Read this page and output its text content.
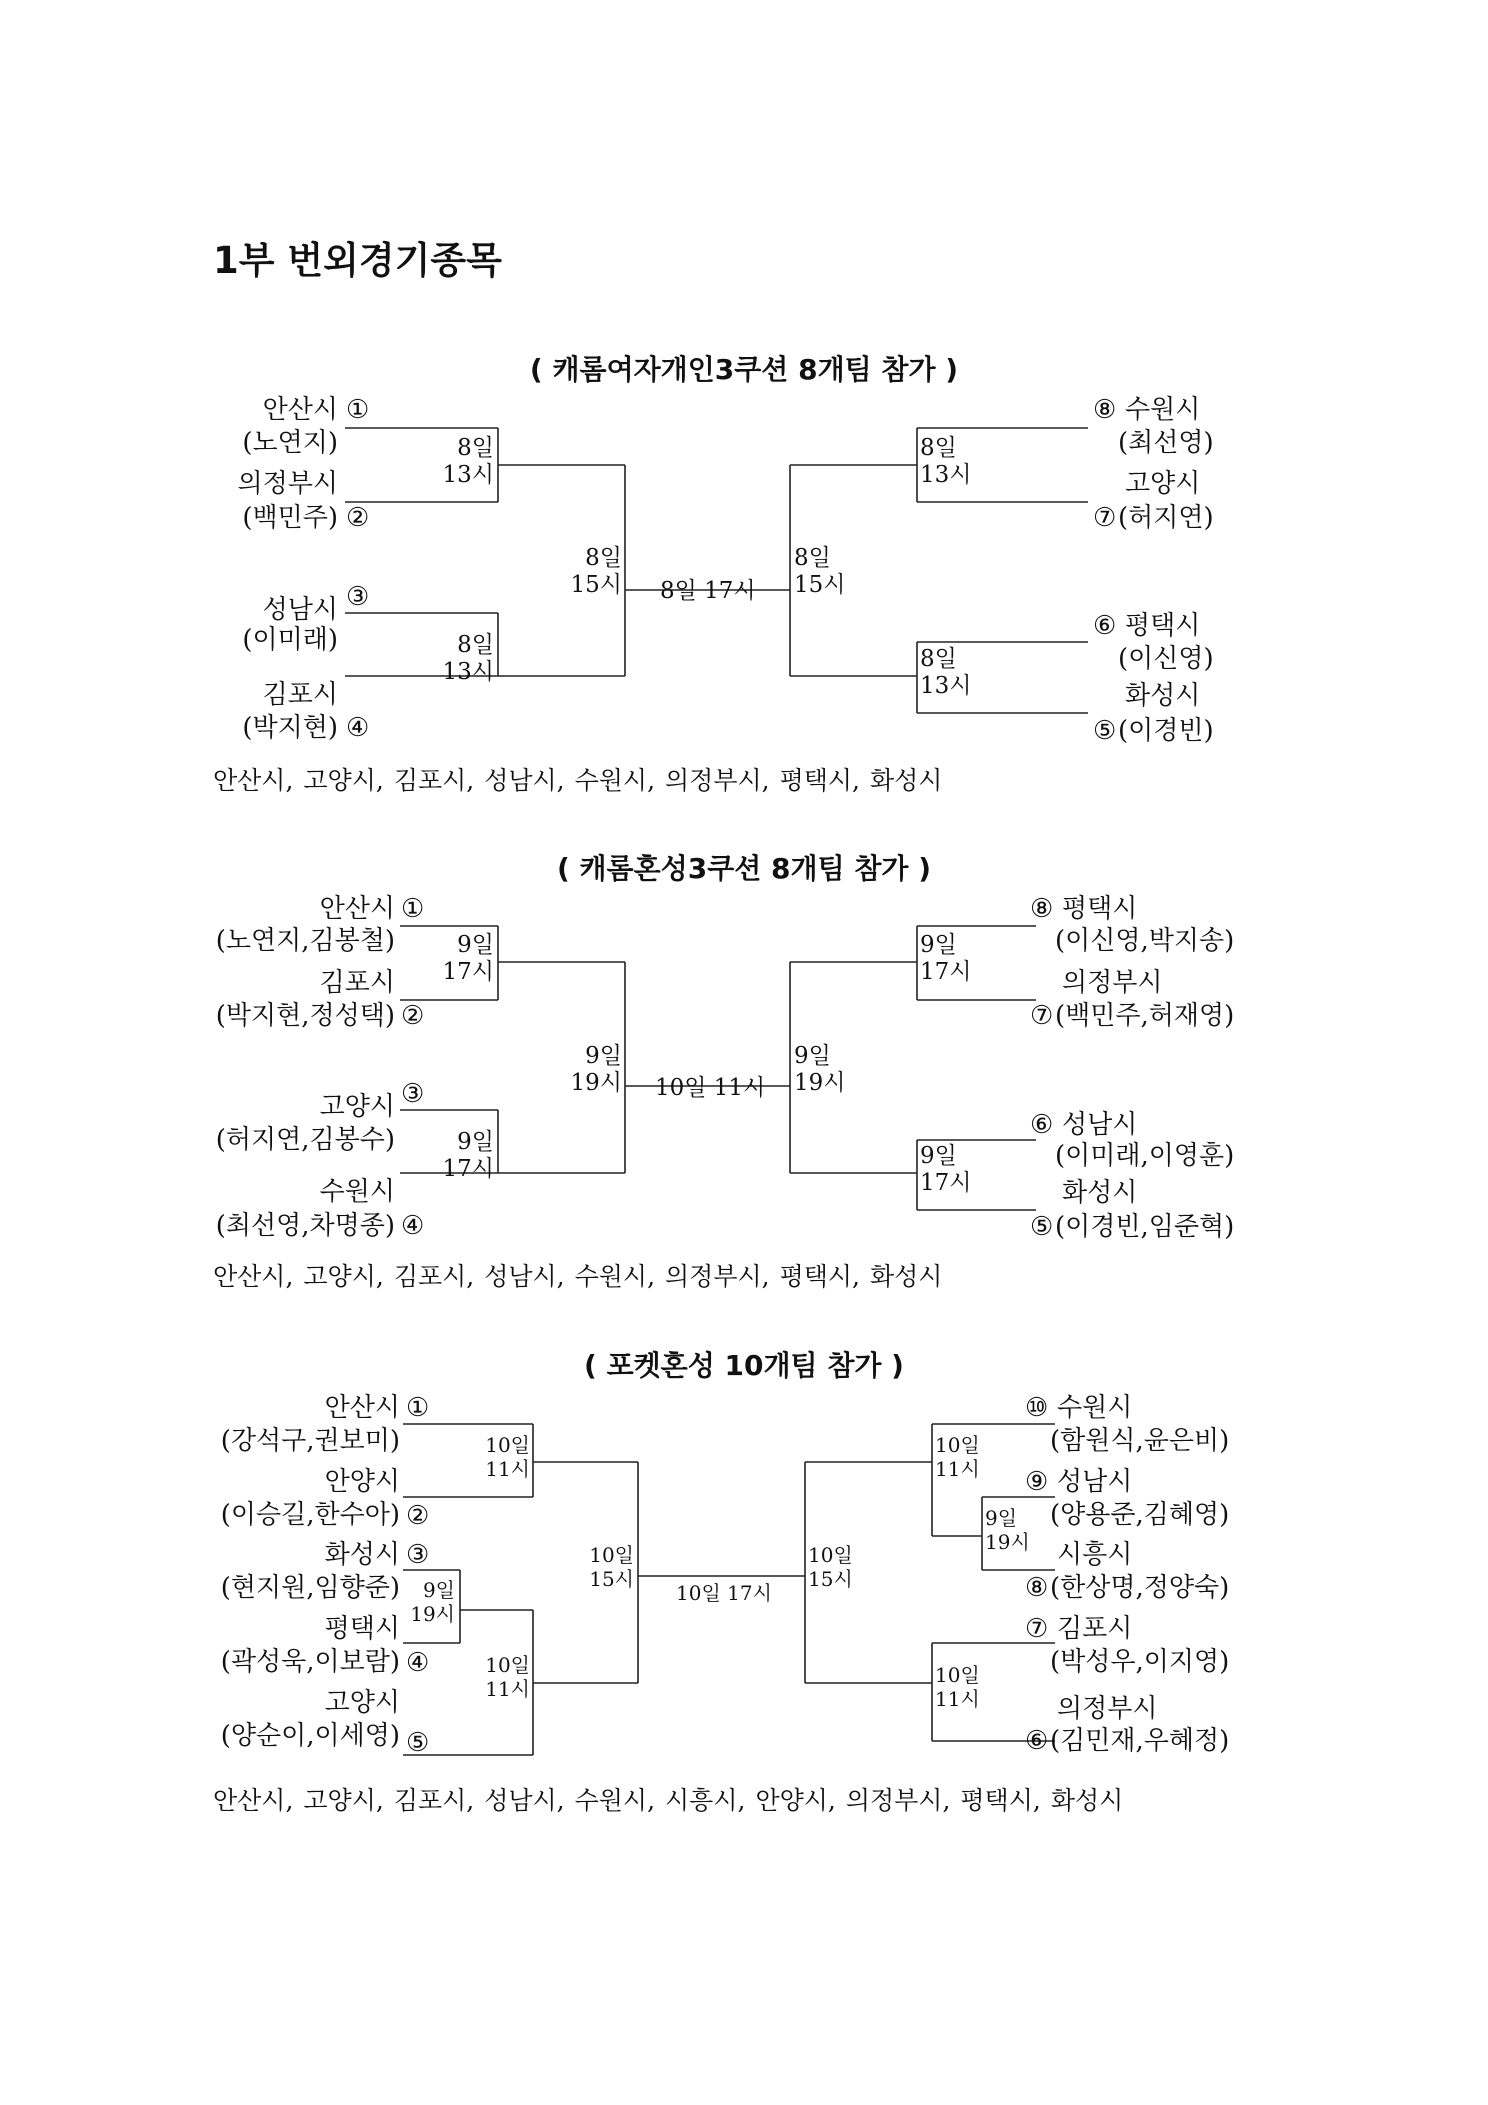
1부 번외경기종목
( 캐롬여자개인3쿠션 8개팀 참가 )
안산시 ①
(노연지)
의정부시
(백민주) ②
성남시 ③
(이미래)
김포시
(박지현) ④
⑧ 수원시
(최선영)
고양시
⑦ (허지연)
⑥ 평택시
(이신영)
화성시
⑤ (이경빈)
8일
13시
8일
13시
8일
15시 8일 17시
8일
15시
8일
13시
8일
13시
안산시, 고양시, 김포시, 성남시, 수원시, 의정부시, 평택시, 화성시
( 캐롬혼성3쿠션 8개팀 참가 )
안산시 ①
(노연지,김봉철)
김포시
(박지현,정성택) ②
고양시 ③
(허지연,김봉수)
수원시
(최선영,차명종) ④
⑧ 평택시
(이신영,박지송)
의정부시
⑦ (백민주,허재영)
⑥ 성남시
(이미래,이영훈)
화성시
⑤ (이경빈,임준혁)
9일
17시
9일
17시
9일
19시 10일 11시
9일
19시
9일
17시
9일
17시
안산시, 고양시, 김포시, 성남시, 수원시, 의정부시, 평택시, 화성시
( 포켓혼성 10개팀 참가 )
안산시 ①
(강석구,권보미)
안양시
(이승길,한수아) ②
화성시 ③
(현지원,임향준)
평택시
(곽성욱,이보람) ④
고양시
(양순이,이세영) ⑤
⑩ 수원시
(함원식,윤은비)
⑨ 성남시
(양용준,김혜영)
시흥시
⑧ (한상명,정양숙)
⑦ 김포시
(박성우,이지영)
의정부시
⑥ (김민재,우혜정)
10일
11시
9일
19시
10일
11시
10일
15시
10일 17시
10일
15시
10일
11시
9일
19시
10일
11시
안산시, 고양시, 김포시, 성남시, 수원시, 시흥시, 안양시, 의정부시, 평택시, 화성시
